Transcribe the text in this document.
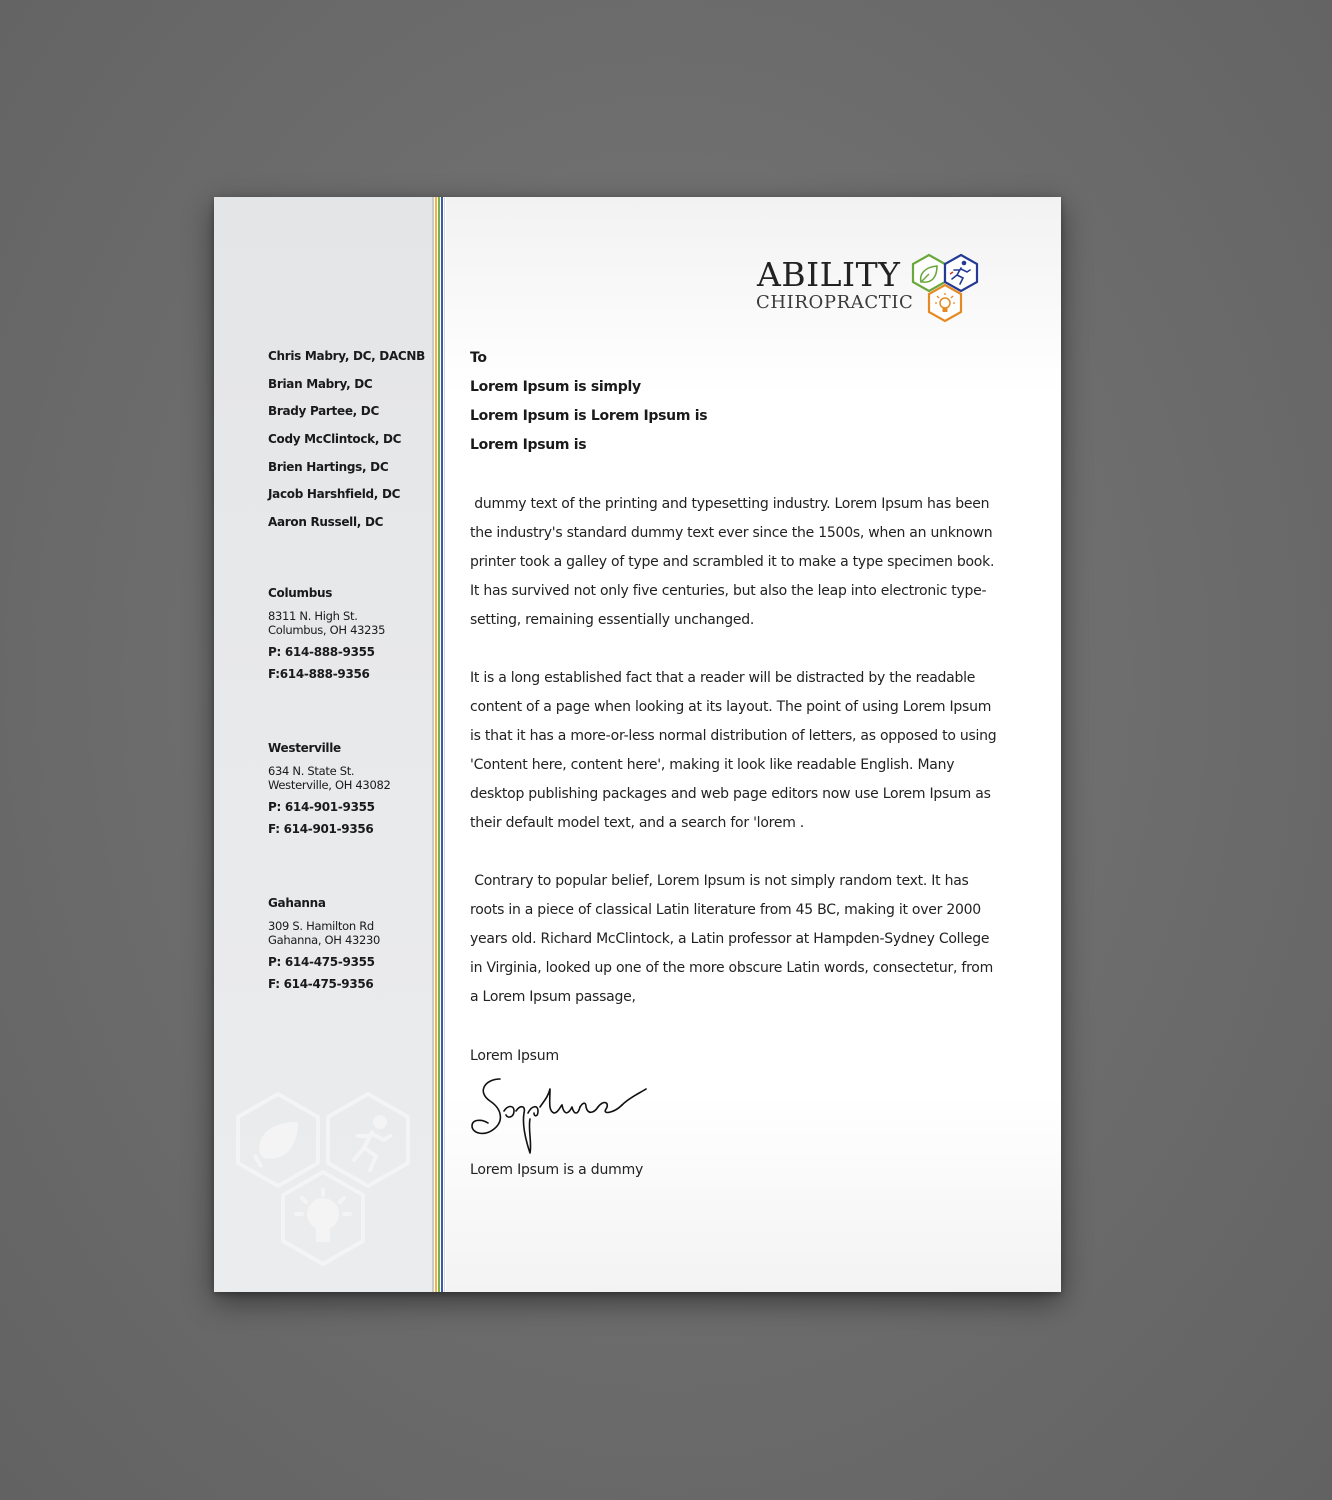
Chris Mabry, DC, DACNB
Brian Mabry, DC
Brady Partee, DC
Cody McClintock, DC
Brien Hartings, DC
Jacob Harshfield, DC
Aaron Russell, DC
Columbus
8311 N. High St.
Columbus, OH 43235
P: 614-888-9355
F:614-888-9356
Westerville
634 N. State St.
Westerville, OH 43082
P: 614-901-9355
F: 614-901-9356
Gahanna
309 S. Hamilton Rd
Gahanna, OH 43230
P: 614-475-9355
F: 614-475-9356
ABILITY
CHIROPRACTIC
To
Lorem Ipsum is simply
Lorem Ipsum is Lorem Ipsum is
Lorem Ipsum is
dummy text of the printing and typesetting industry. Lorem Ipsum has been the industry's standard dummy text ever since the 1500s, when an unknown printer took a galley of type and scrambled it to make a type specimen book. It has survived not only five centuries, but also the leap into electronic type-setting, remaining essentially unchanged.
It is a long established fact that a reader will be distracted by the readable content of a page when looking at its layout. The point of using Lorem Ipsum is that it has a more-or-less normal distribution of letters, as opposed to using 'Content here, content here', making it look like readable English. Many desktop publishing packages and web page editors now use Lorem Ipsum as their default model text, and a search for 'lorem .
Contrary to popular belief, Lorem Ipsum is not simply random text. It has roots in a piece of classical Latin literature from 45 BC, making it over 2000 years old. Richard McClintock, a Latin professor at Hampden-Sydney College in Virginia, looked up one of the more obscure Latin words, consectetur, from a Lorem Ipsum passage,
Lorem Ipsum
Lorem Ipsum is a dummy
